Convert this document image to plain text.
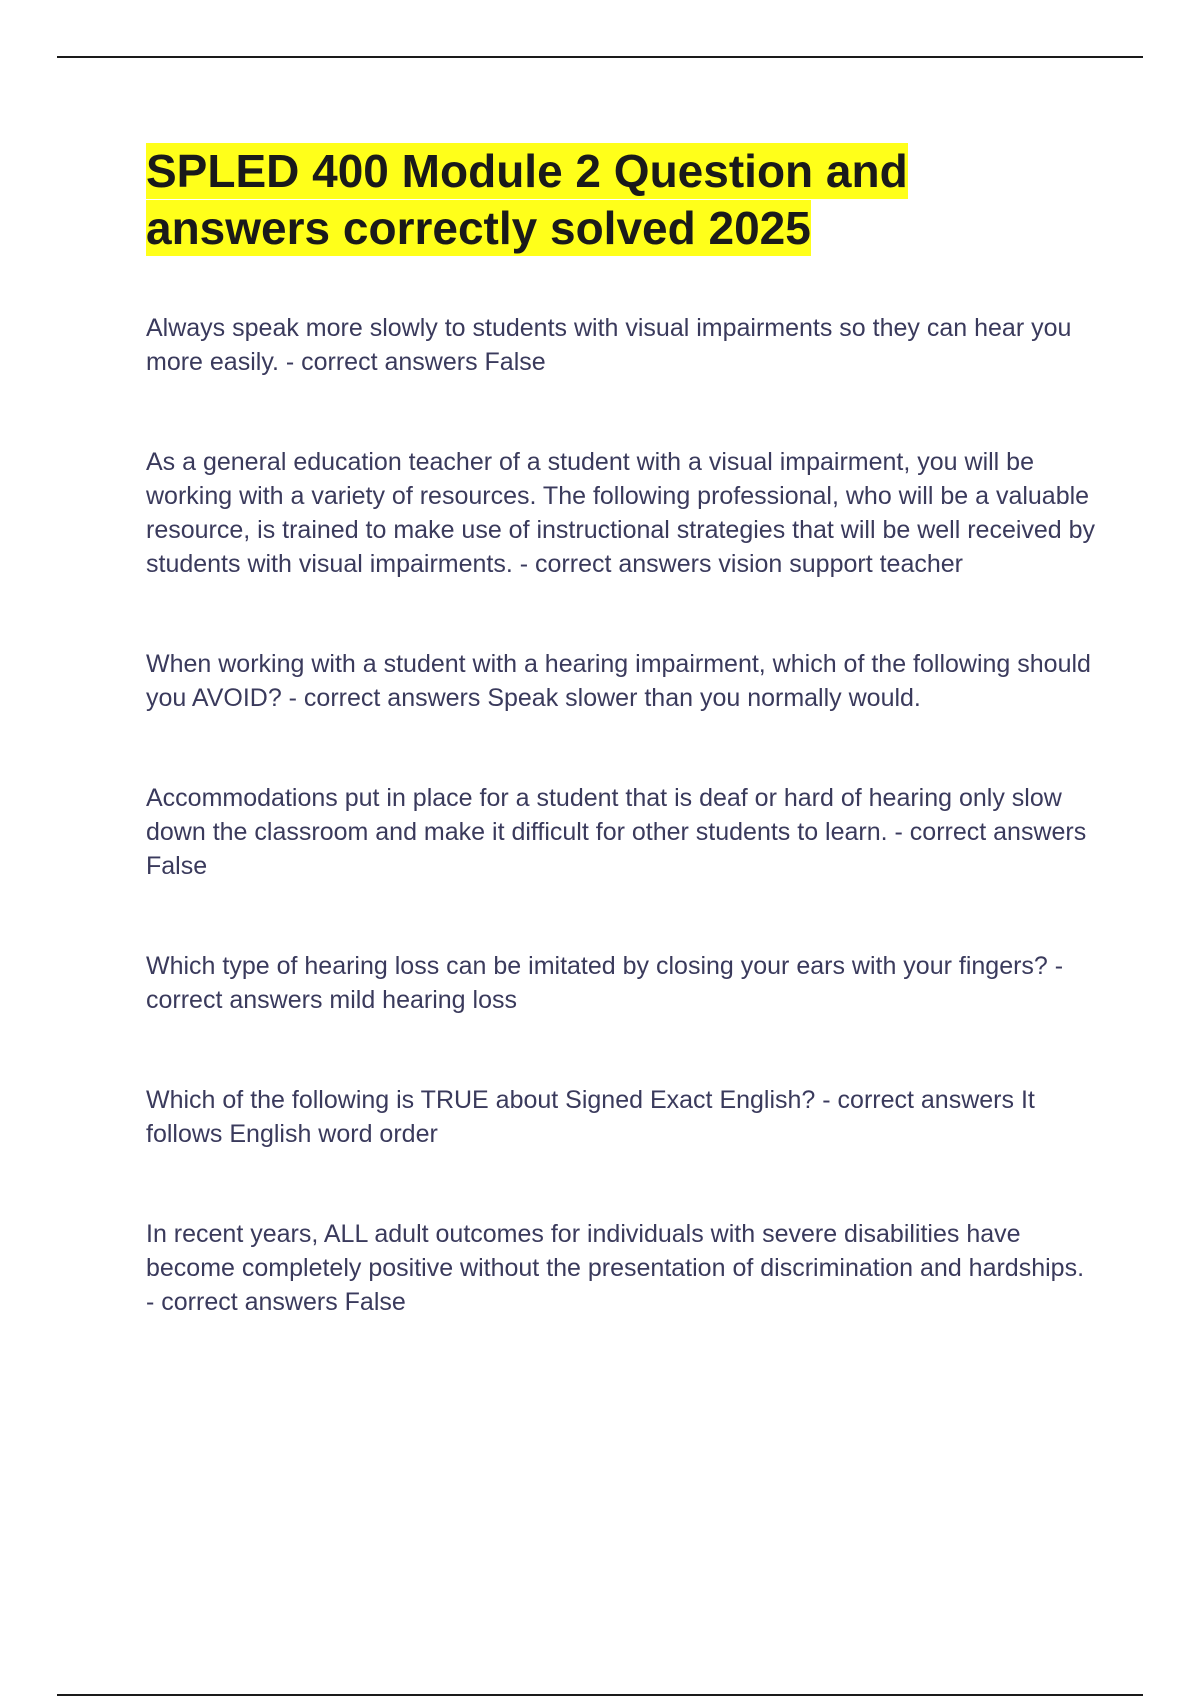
SPLED 400 Module 2 Question and answers correctly solved 2025
Always speak more slowly to students with visual impairments so they can hear you more easily. - correct answers False
As a general education teacher of a student with a visual impairment, you will be working with a variety of resources. The following professional, who will be a valuable resource, is trained to make use of instructional strategies that will be well received by students with visual impairments. - correct answers vision support teacher
When working with a student with a hearing impairment, which of the following should you AVOID? - correct answers Speak slower than you normally would.
Accommodations put in place for a student that is deaf or hard of hearing only slow down the classroom and make it difficult for other students to learn. - correct answers False
Which type of hearing loss can be imitated by closing your ears with your fingers? - correct answers mild hearing loss
Which of the following is TRUE about Signed Exact English? - correct answers It follows English word order
In recent years, ALL adult outcomes for individuals with severe disabilities have become completely positive without the presentation of discrimination and hardships. - correct answers False
